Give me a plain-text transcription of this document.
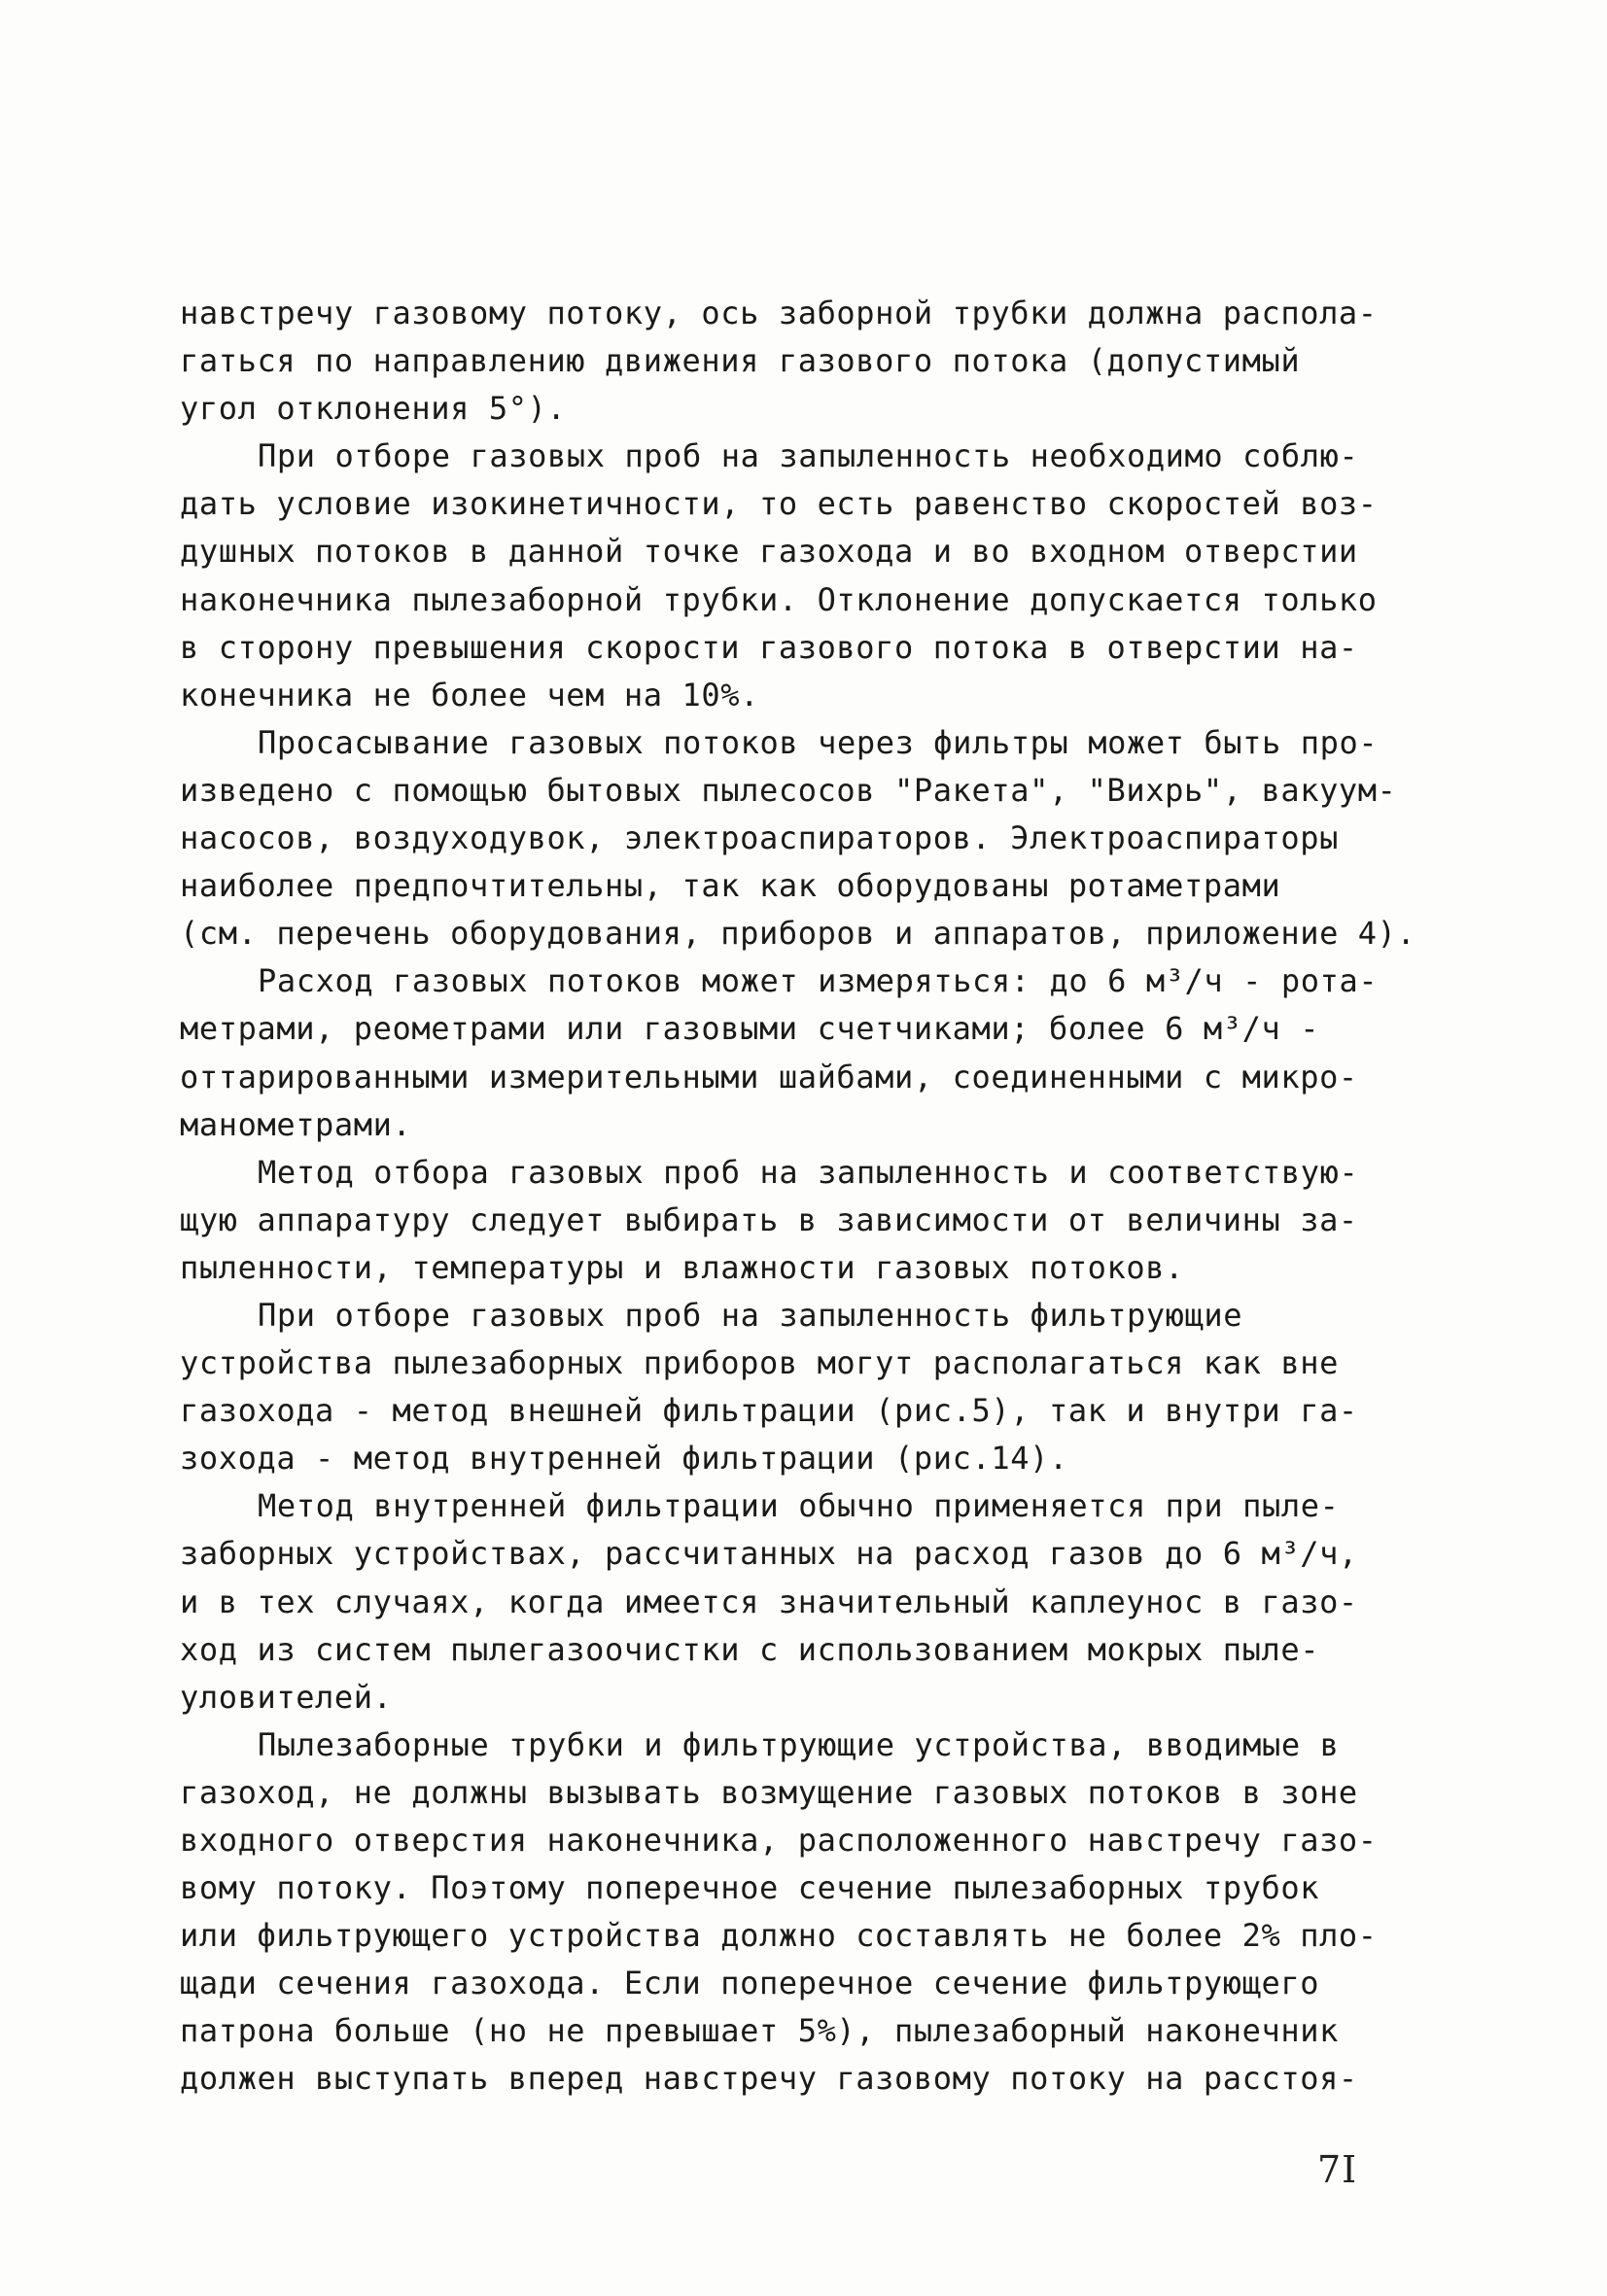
навстречу газовому потоку, ось заборной трубки должна распола-
гаться по направлению движения газового потока (допустимый
угол отклонения 5°).
При отборе газовых проб на запыленность необходимо соблю-
дать условие изокинетичности, то есть равенство скоростей воз-
душных потоков в данной точке газохода и во входном отверстии
наконечника пылезаборной трубки. Отклонение допускается только
в сторону превышения скорости газового потока в отверстии на-
конечника не более чем на 10%.
Просасывание газовых потоков через фильтры может быть про-
изведено с помощью бытовых пылесосов "Ракета", "Вихрь", вакуум-
насосов, воздуходувок, электроаспираторов. Электроаспираторы
наиболее предпочтительны, так как оборудованы ротаметрами
(см. перечень оборудования, приборов и аппаратов, приложение 4).
Расход газовых потоков может измеряться: до 6 м³/ч - рота-
метрами, реометрами или газовыми счетчиками; более 6 м³/ч -
оттарированными измерительными шайбами, соединенными с микро-
манометрами.
Метод отбора газовых проб на запыленность и соответствую-
щую аппаратуру следует выбирать в зависимости от величины за-
пыленности, температуры и влажности газовых потоков.
При отборе газовых проб на запыленность фильтрующие
устройства пылезаборных приборов могут располагаться как вне
газохода - метод внешней фильтрации (рис.5), так и внутри га-
зохода - метод внутренней фильтрации (рис.14).
Метод внутренней фильтрации обычно применяется при пыле-
заборных устройствах, рассчитанных на расход газов до 6 м³/ч,
и в тех случаях, когда имеется значительный каплеунос в газо-
ход из систем пылегазоочистки с использованием мокрых пыле-
уловителей.
Пылезаборные трубки и фильтрующие устройства, вводимые в
газоход, не должны вызывать возмущение газовых потоков в зоне
входного отверстия наконечника, расположенного навстречу газо-
вому потоку. Поэтому поперечное сечение пылезаборных трубок
или фильтрующего устройства должно составлять не более 2% пло-
щади сечения газохода. Если поперечное сечение фильтрующего
патрона больше (но не превышает 5%), пылезаборный наконечник
должен выступать вперед навстречу газовому потоку на расстоя-
7I
